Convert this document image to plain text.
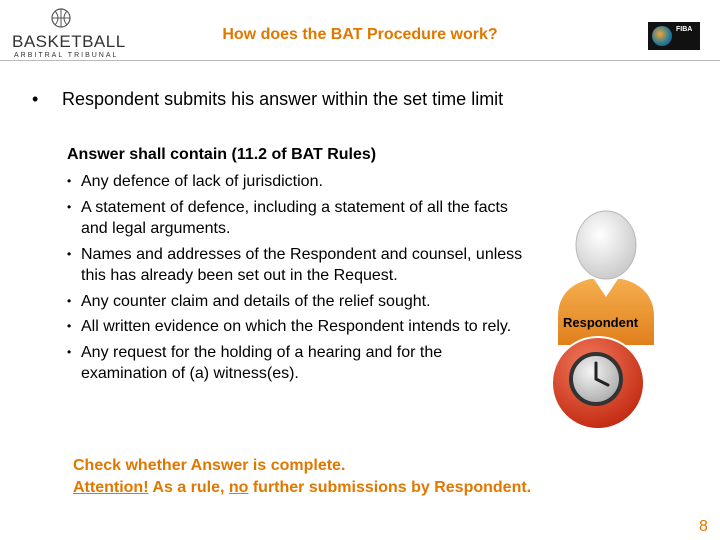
BASKETBALL
ARBITRAL TRIBUNAL
How does the BAT Procedure work?	FIBA
• Respondent submits his answer within the set time limit
Answer shall contain (11.2 of BAT Rules)
• Any defence of lack of jurisdiction.
• A statement of defence, including a statement of all the facts and legal arguments.
• Names and addresses of the Respondent and counsel, unless this has already been set out in the Request.
• Any counter claim and details of the relief sought.
• All written evidence on which the Respondent intends to rely.
• Any request for the holding of a hearing and for the examination of (a) witness(es).
Respondent
Check whether Answer is complete.
Attention! As a rule, no further submissions by Respondent.
8
